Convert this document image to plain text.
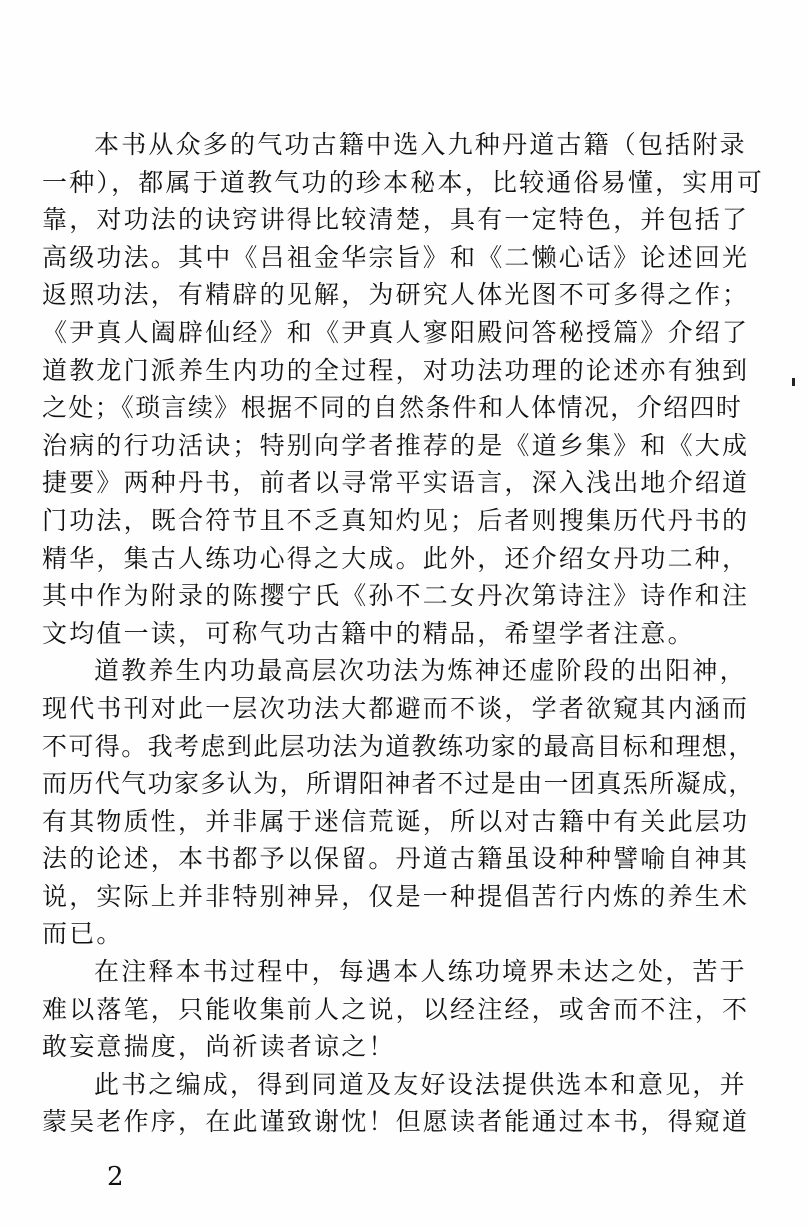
本书从众多的气功古籍中选入九种丹道古籍（包括附录
一种），都属于道教气功的珍本秘本，比较通俗易懂，实用可
靠，对功法的诀窍讲得比较清楚，具有一定特色，并包括了
高级功法。其中《吕祖金华宗旨》和《二懒心话》论述回光
返照功法，有精辟的见解，为研究人体光图不可多得之作；
《尹真人阖辟仙经》和《尹真人寥阳殿问答秘授篇》介绍了
道教龙门派养生内功的全过程，对功法功理的论述亦有独到
之处；《琐言续》根据不同的自然条件和人体情况，介绍四时
治病的行功活诀；特别向学者推荐的是《道乡集》和《大成
捷要》两种丹书，前者以寻常平实语言，深入浅出地介绍道
门功法，既合符节且不乏真知灼见；后者则搜集历代丹书的
精华，集古人练功心得之大成。此外，还介绍女丹功二种，
其中作为附录的陈撄宁氏《孙不二女丹次第诗注》诗作和注
文均值一读，可称气功古籍中的精品，希望学者注意。
道教养生内功最高层次功法为炼神还虚阶段的出阳神，
现代书刊对此一层次功法大都避而不谈，学者欲窥其内涵而
不可得。我考虑到此层功法为道教练功家的最高目标和理想，
而历代气功家多认为，所谓阳神者不过是由一团真炁所凝成，
有其物质性，并非属于迷信荒诞，所以对古籍中有关此层功
法的论述，本书都予以保留。丹道古籍虽设种种譬喻自神其
说，实际上并非特别神异，仅是一种提倡苦行内炼的养生术
而已。
在注释本书过程中，每遇本人练功境界未达之处，苦于
难以落笔，只能收集前人之说，以经注经，或舍而不注，不
敢妄意揣度，尚祈读者谅之！
此书之编成，得到同道及友好设法提供选本和意见，并
蒙吴老作序，在此谨致谢忱！但愿读者能通过本书，得窥道
2
